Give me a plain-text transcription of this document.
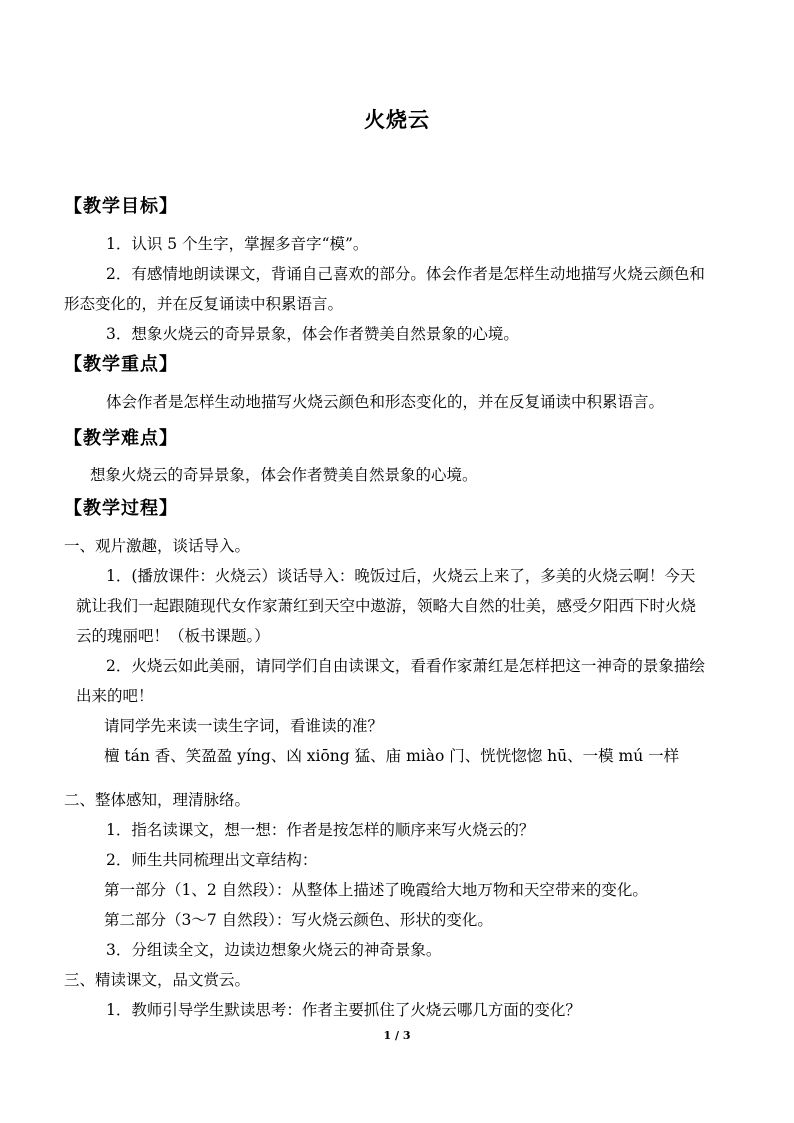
火烧云
【教学目标】
1．认识 5 个生字，掌握多音字“模”。
2．有感情地朗读课文，背诵自己喜欢的部分。体会作者是怎样生动地描写火烧云颜色和
形态变化的，并在反复诵读中积累语言。
3．想象火烧云的奇异景象，体会作者赞美自然景象的心境。
【教学重点】
体会作者是怎样生动地描写火烧云颜色和形态变化的，并在反复诵读中积累语言。
【教学难点】
想象火烧云的奇异景象，体会作者赞美自然景象的心境。
【教学过程】
一、观片激趣，谈话导入。
1．(播放课件：火烧云）谈话导入：晚饭过后，火烧云上来了，多美的火烧云啊！今天
就让我们一起跟随现代女作家萧红到天空中遨游，领略大自然的壮美，感受夕阳西下时火烧
云的瑰丽吧！（板书课题。）
2．火烧云如此美丽，请同学们自由读课文，看看作家萧红是怎样把这一神奇的景象描绘
出来的吧！
请同学先来读一读生字词，看谁读的准？
檀 tán 香、笑盈盈 yíng、凶 xiōng 猛、庙 miào 门、恍恍惚惚 hū、一模 mú 一样
二、整体感知，理清脉络。
1．指名读课文，想一想：作者是按怎样的顺序来写火烧云的？
2．师生共同梳理出文章结构：
第一部分（1、2 自然段）：从整体上描述了晚霞给大地万物和天空带来的变化。
第二部分（3～7 自然段）：写火烧云颜色、形状的变化。
3．分组读全文，边读边想象火烧云的神奇景象。
三、精读课文，品文赏云。
1．教师引导学生默读思考：作者主要抓住了火烧云哪几方面的变化？
1 / 3
